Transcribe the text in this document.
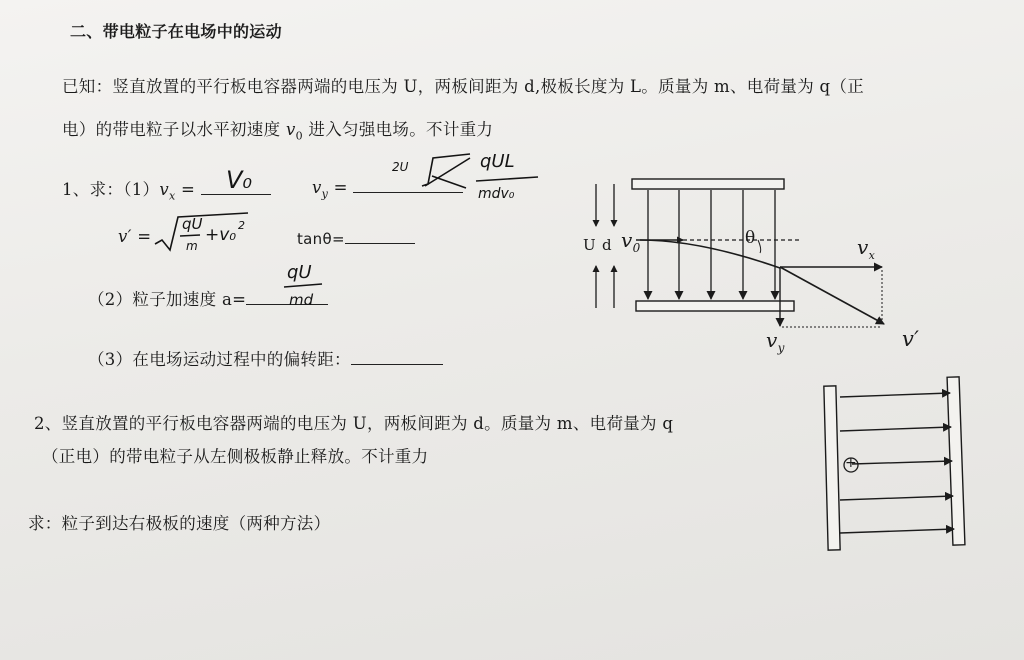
二、带电粒子在电场中的运动
已知：竖直放置的平行板电容器两端的电压为 U，两板间距为 d,极板长度为 L。质量为 m、电荷量为 q（正
电）的带电粒子以水平初速度 $v_0$ 进入匀强电场。不计重力
1、求：$(1)v_x$ =	$v_y$ =
v′ =	tanθ=
（2）粒子加速度 a=
（3）在电场运动过程中的偏转距：
V₀	2U	qUL
mdv₀
qU
m
+v₀ 2
qU
md
2、竖直放置的平行板电容器两端的电压为 U，两板间距为 d。质量为 m、电荷量为 q
（正电）的带电粒子从左侧极板静止释放。不计重力
求：粒子到达右极板的速度（两种方法）
U d $v_0$	θ	$v_x$
$v_y$	v′
+
